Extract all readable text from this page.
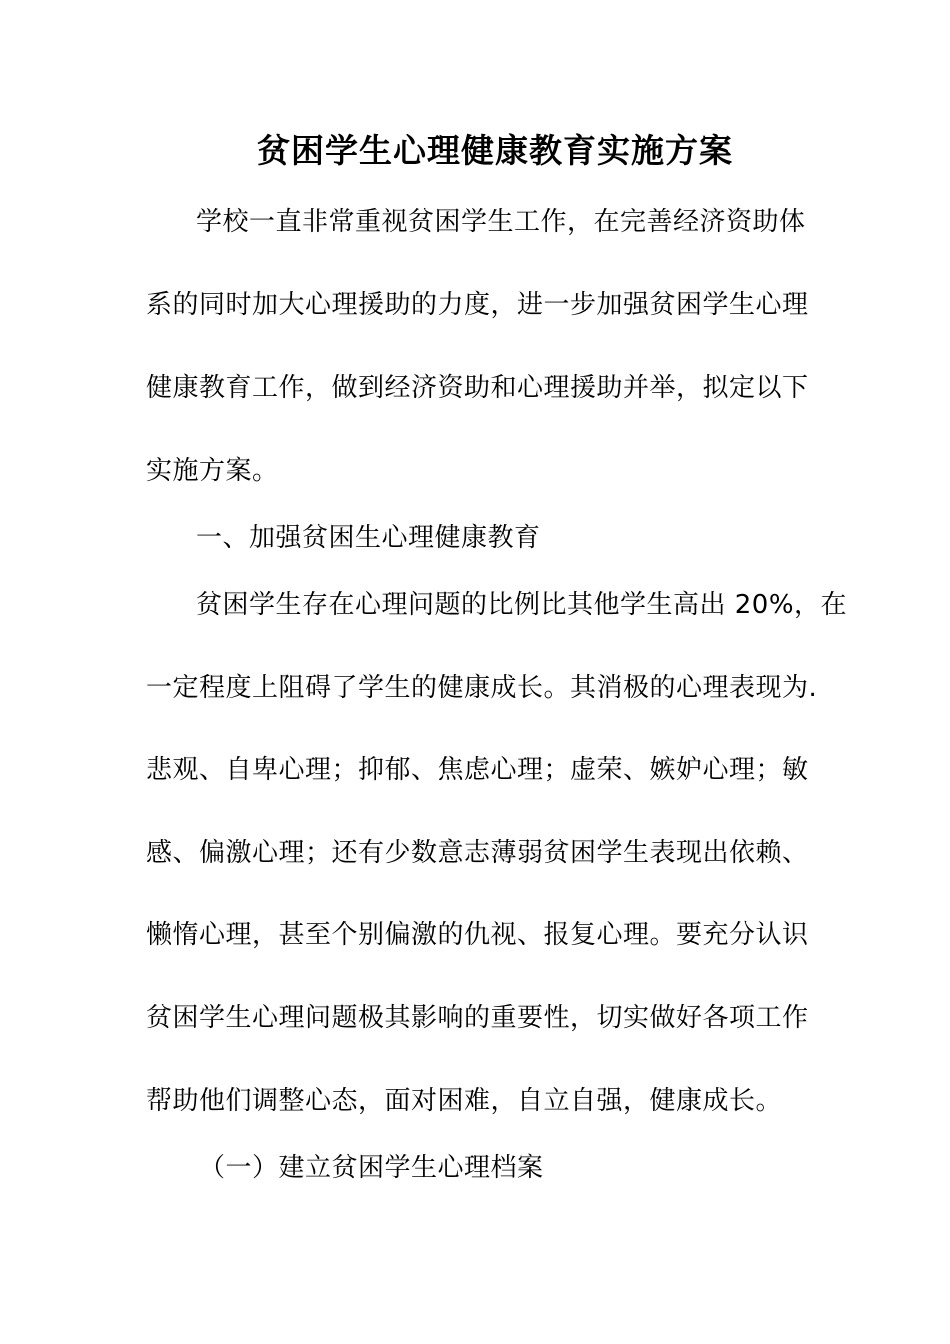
贫困学生心理健康教育实施方案
学校一直非常重视贫困学生工作，在完善经济资助体
系的同时加大心理援助的力度，进一步加强贫困学生心理
健康教育工作，做到经济资助和心理援助并举，拟定以下
实施方案。
一、加强贫困生心理健康教育
贫困学生存在心理问题的比例比其他学生高出 20%，在
一定程度上阻碍了学生的健康成长。其消极的心理表现为.
悲观、自卑心理；抑郁、焦虑心理；虚荣、嫉妒心理；敏
感、偏激心理；还有少数意志薄弱贫困学生表现出依赖、
懒惰心理，甚至个别偏激的仇视、报复心理。要充分认识
贫困学生心理问题极其影响的重要性，切实做好各项工作
帮助他们调整心态，面对困难，自立自强，健康成长。
（一）建立贫困学生心理档案
